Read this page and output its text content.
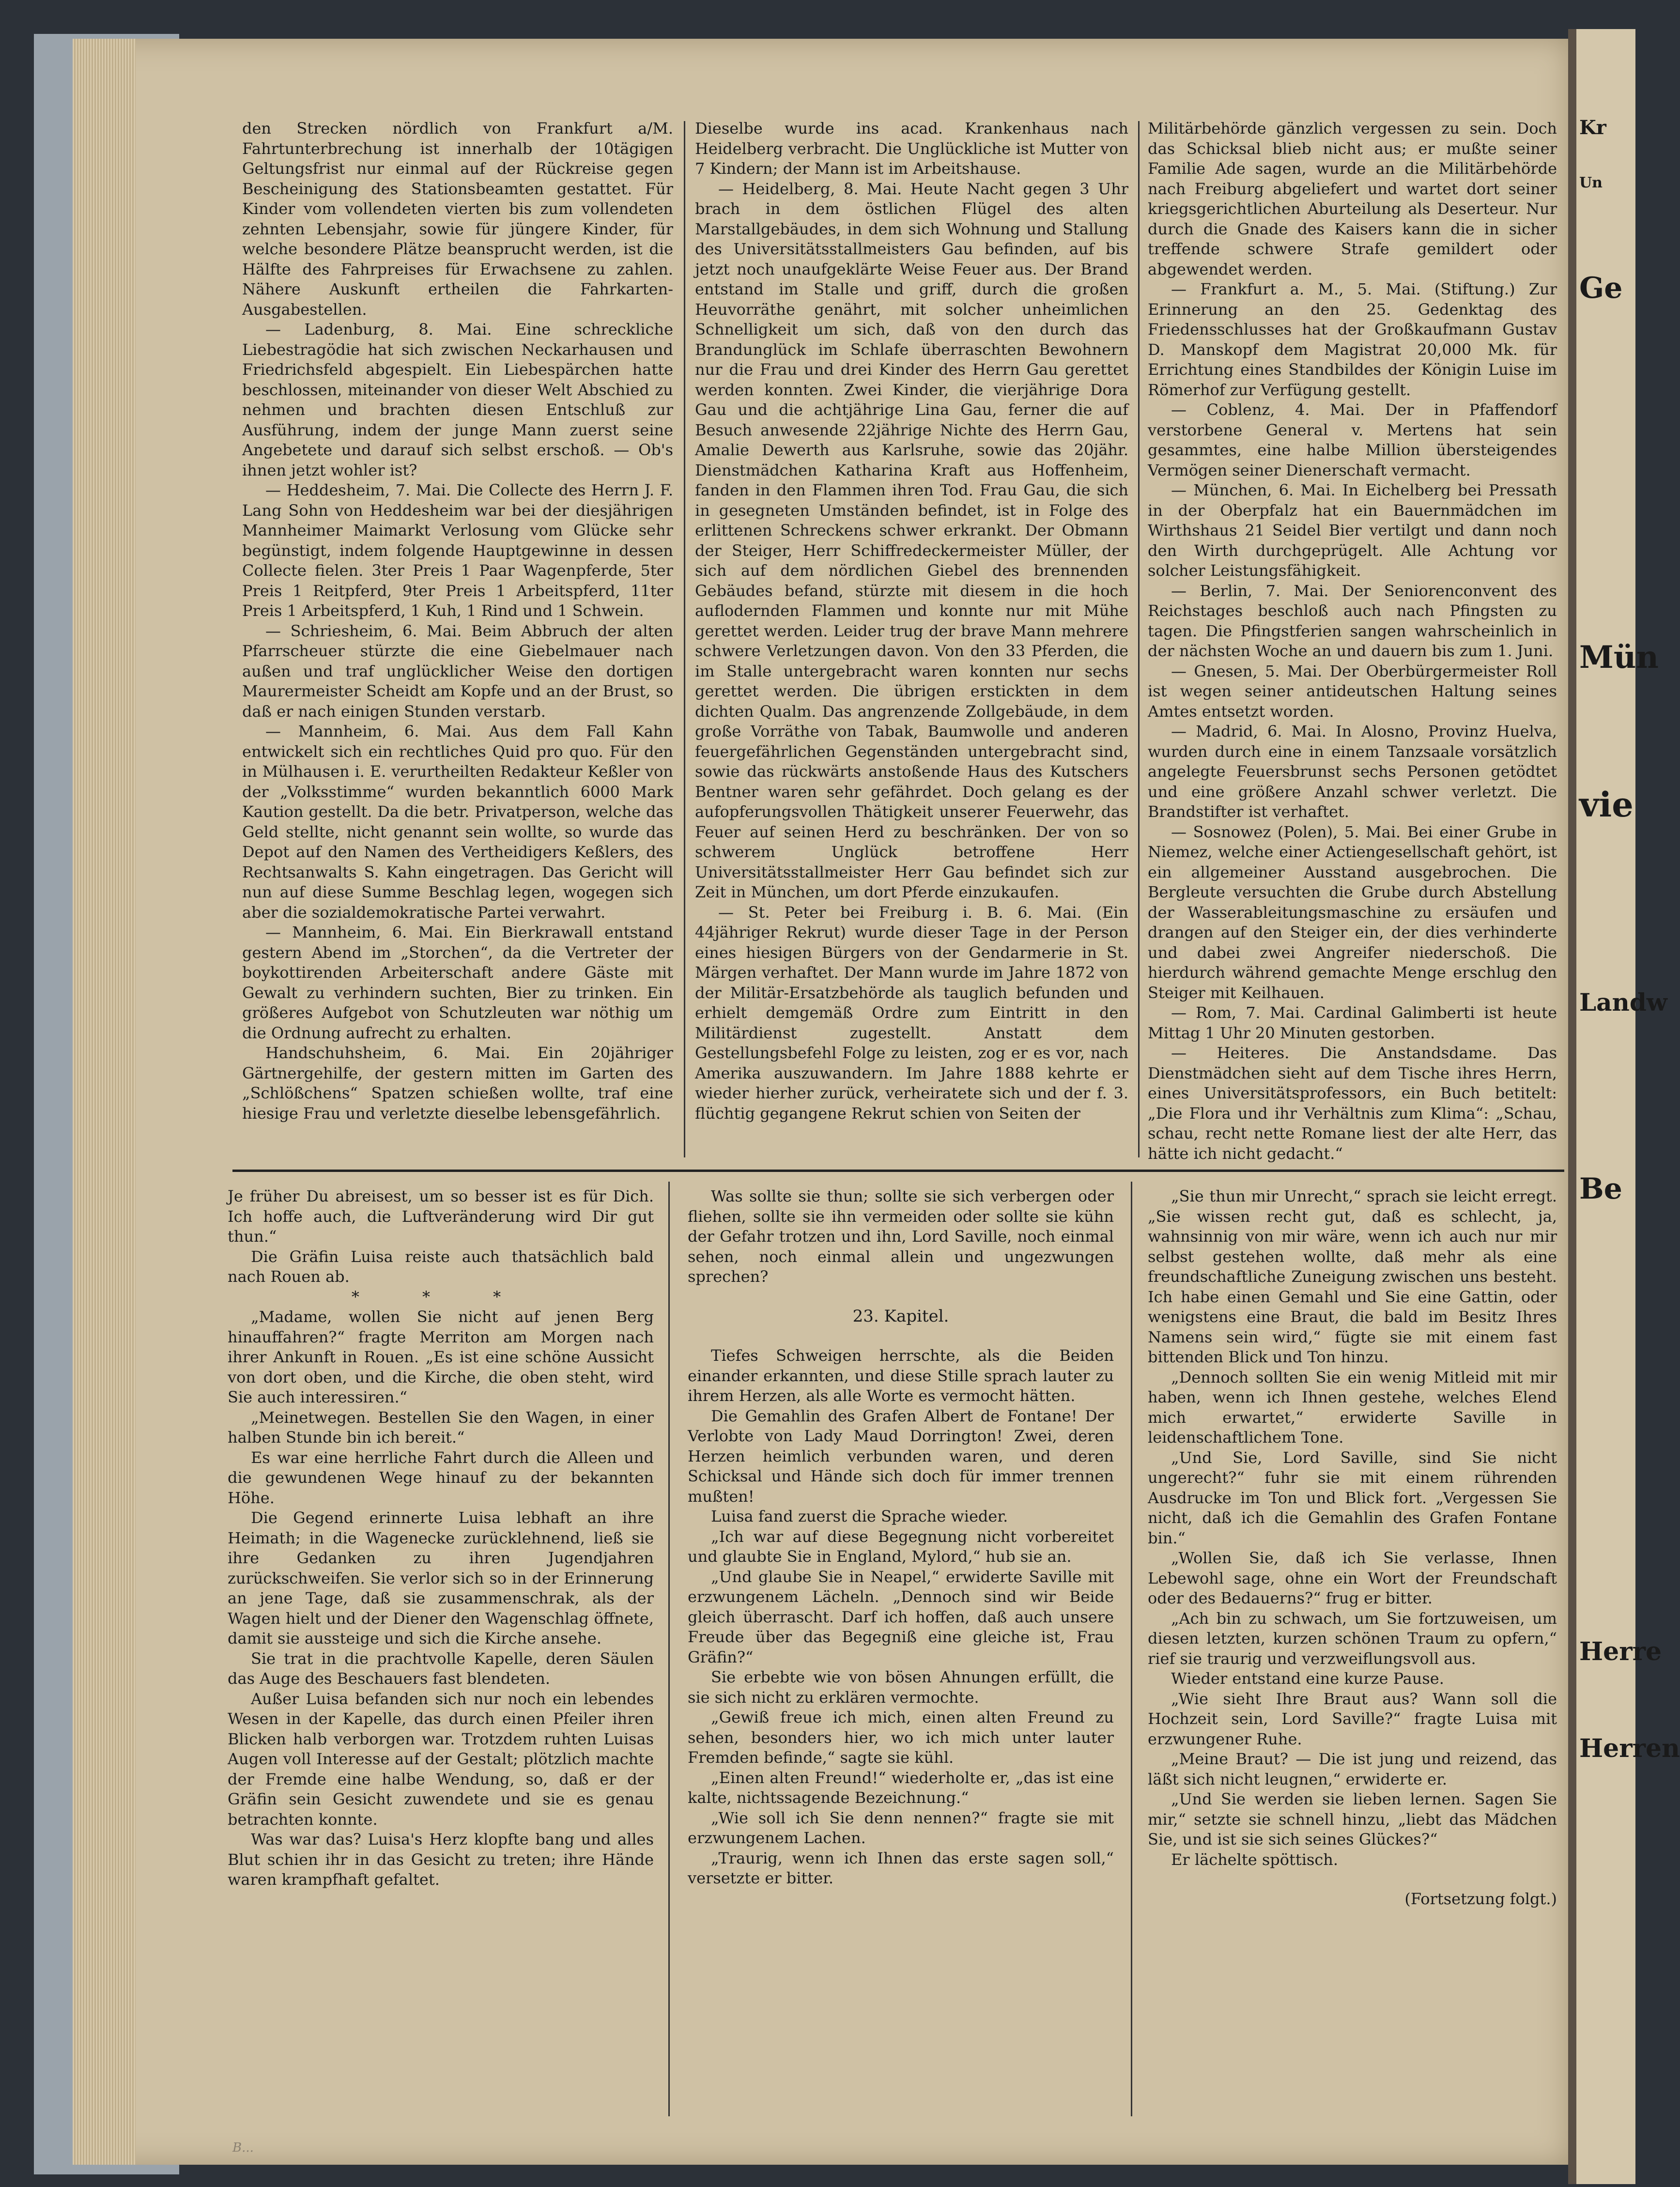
Kr
Un
Ge
Mün
vie
Landw
Be
Herre
Herren

den Strecken nördlich von Frankfurt a/M. Fahrtunterbrechung ist innerhalb der 10tägigen Geltungsfrist nur einmal auf der Rückreise gegen Bescheinigung des Stationsbeamten gestattet. Für Kinder vom vollendeten vierten bis zum vollendeten zehnten Lebensjahr, sowie für jüngere Kinder, für welche besondere Plätze beansprucht werden, ist die Hälfte des Fahrpreises für Erwachsene zu zahlen. Nähere Auskunft ertheilen die Fahrkarten-Ausgabestellen.

— Ladenburg, 8. Mai. Eine schreckliche Liebestragödie hat sich zwischen Neckarhausen und Friedrichsfeld abgespielt. Ein Liebespärchen hatte beschlossen, miteinander von dieser Welt Abschied zu nehmen und brachten diesen Entschluß zur Ausführung, indem der junge Mann zuerst seine Angebetete und darauf sich selbst erschoß. — Ob's ihnen jetzt wohler ist?

— Heddesheim, 7. Mai. Die Collecte des Herrn J. F. Lang Sohn von Heddesheim war bei der diesjährigen Mannheimer Maimarkt Verlosung vom Glücke sehr begünstigt, indem folgende Hauptgewinne in dessen Collecte fielen. 3ter Preis 1 Paar Wagenpferde, 5ter Preis 1 Reitpferd, 9ter Preis 1 Arbeitspferd, 11ter Preis 1 Arbeitspferd, 1 Kuh, 1 Rind und 1 Schwein.

— Schriesheim, 6. Mai. Beim Abbruch der alten Pfarrscheuer stürzte die eine Giebelmauer nach außen und traf unglücklicher Weise den dortigen Maurermeister Scheidt am Kopfe und an der Brust, so daß er nach einigen Stunden verstarb.

— Mannheim, 6. Mai. Aus dem Fall Kahn entwickelt sich ein rechtliches Quid pro quo. Für den in Mülhausen i. E. verurtheilten Redakteur Keßler von der „Volksstimme“ wurden bekanntlich 6000 Mark Kaution gestellt. Da die betr. Privatperson, welche das Geld stellte, nicht genannt sein wollte, so wurde das Depot auf den Namen des Vertheidigers Keßlers, des Rechtsanwalts S. Kahn eingetragen. Das Gericht will nun auf diese Summe Beschlag legen, wogegen sich aber die sozialdemokratische Partei verwahrt.

— Mannheim, 6. Mai. Ein Bierkrawall entstand gestern Abend im „Storchen“, da die Vertreter der boykottirenden Arbeiterschaft andere Gäste mit Gewalt zu verhindern suchten, Bier zu trinken. Ein größeres Aufgebot von Schutzleuten war nöthig um die Ordnung aufrecht zu erhalten.

Handschuhsheim, 6. Mai. Ein 20jähriger Gärtnergehilfe, der gestern mitten im Garten des „Schlößchens“ Spatzen schießen wollte, traf eine hiesige Frau und verletzte dieselbe lebensgefährlich.

Dieselbe wurde ins acad. Krankenhaus nach Heidelberg verbracht. Die Unglückliche ist Mutter von 7 Kindern; der Mann ist im Arbeitshause.

— Heidelberg, 8. Mai. Heute Nacht gegen 3 Uhr brach in dem östlichen Flügel des alten Marstallgebäudes, in dem sich Wohnung und Stallung des Universitätsstallmeisters Gau befinden, auf bis jetzt noch unaufgeklärte Weise Feuer aus. Der Brand entstand im Stalle und griff, durch die großen Heuvorräthe genährt, mit solcher unheimlichen Schnelligkeit um sich, daß von den durch das Brandunglück im Schlafe überraschten Bewohnern nur die Frau und drei Kinder des Herrn Gau gerettet werden konnten. Zwei Kinder, die vierjährige Dora Gau und die achtjährige Lina Gau, ferner die auf Besuch anwesende 22jährige Nichte des Herrn Gau, Amalie Dewerth aus Karlsruhe, sowie das 20jähr. Dienstmädchen Katharina Kraft aus Hoffenheim, fanden in den Flammen ihren Tod. Frau Gau, die sich in gesegneten Umständen befindet, ist in Folge des erlittenen Schreckens schwer erkrankt. Der Obmann der Steiger, Herr Schiffredeckermeister Müller, der sich auf dem nördlichen Giebel des brennenden Gebäudes befand, stürzte mit diesem in die hoch auflodernden Flammen und konnte nur mit Mühe gerettet werden. Leider trug der brave Mann mehrere schwere Verletzungen davon. Von den 33 Pferden, die im Stalle untergebracht waren konnten nur sechs gerettet werden. Die übrigen erstickten in dem dichten Qualm. Das angrenzende Zollgebäude, in dem große Vorräthe von Tabak, Baumwolle und anderen feuergefährlichen Gegenständen untergebracht sind, sowie das rückwärts anstoßende Haus des Kutschers Bentner waren sehr gefährdet. Doch gelang es der aufopferungsvollen Thätigkeit unserer Feuerwehr, das Feuer auf seinen Herd zu beschränken. Der von so schwerem Unglück betroffene Herr Universitätsstallmeister Herr Gau befindet sich zur Zeit in München, um dort Pferde einzukaufen.

— St. Peter bei Freiburg i. B. 6. Mai. (Ein 44jähriger Rekrut) wurde dieser Tage in der Person eines hiesigen Bürgers von der Gendarmerie in St. Märgen verhaftet. Der Mann wurde im Jahre 1872 von der Militär-Ersatzbehörde als tauglich befunden und erhielt demgemäß Ordre zum Eintritt in den Militärdienst zugestellt. Anstatt dem Gestellungsbefehl Folge zu leisten, zog er es vor, nach Amerika auszuwandern. Im Jahre 1888 kehrte er wieder hierher zurück, verheiratete sich und der f. 3. flüchtig gegangene Rekrut schien von Seiten der

Militärbehörde gänzlich vergessen zu sein. Doch das Schicksal blieb nicht aus; er mußte seiner Familie Ade sagen, wurde an die Militärbehörde nach Freiburg abgeliefert und wartet dort seiner kriegsgerichtlichen Aburteilung als Deserteur. Nur durch die Gnade des Kaisers kann die in sicher treffende schwere Strafe gemildert oder abgewendet werden.

— Frankfurt a. M., 5. Mai. (Stiftung.) Zur Erinnerung an den 25. Gedenktag des Friedensschlusses hat der Großkaufmann Gustav D. Manskopf dem Magistrat 20,000 Mk. für Errichtung eines Standbildes der Königin Luise im Römerhof zur Verfügung gestellt.

— Coblenz, 4. Mai. Der in Pfaffendorf verstorbene General v. Mertens hat sein gesammtes, eine halbe Million übersteigendes Vermögen seiner Dienerschaft vermacht.

— München, 6. Mai. In Eichelberg bei Pressath in der Oberpfalz hat ein Bauernmädchen im Wirthshaus 21 Seidel Bier vertilgt und dann noch den Wirth durchgeprügelt. Alle Achtung vor solcher Leistungsfähigkeit.

— Berlin, 7. Mai. Der Seniorenconvent des Reichstages beschloß auch nach Pfingsten zu tagen. Die Pfingstferien sangen wahrscheinlich in der nächsten Woche an und dauern bis zum 1. Juni.

— Gnesen, 5. Mai. Der Oberbürgermeister Roll ist wegen seiner antideutschen Haltung seines Amtes entsetzt worden.

— Madrid, 6. Mai. In Alosno, Provinz Huelva, wurden durch eine in einem Tanzsaale vorsätzlich angelegte Feuersbrunst sechs Personen getödtet und eine größere Anzahl schwer verletzt. Die Brandstifter ist verhaftet.

— Sosnowez (Polen), 5. Mai. Bei einer Grube in Niemez, welche einer Actiengesellschaft gehört, ist ein allgemeiner Ausstand ausgebrochen. Die Bergleute versuchten die Grube durch Abstellung der Wasserableitungsmaschine zu ersäufen und drangen auf den Steiger ein, der dies verhinderte und dabei zwei Angreifer niederschoß. Die hierdurch während gemachte Menge erschlug den Steiger mit Keilhauen.

— Rom, 7. Mai. Cardinal Galimberti ist heute Mittag 1 Uhr 20 Minuten gestorben.

— Heiteres. Die Anstandsdame. Das Dienstmädchen sieht auf dem Tische ihres Herrn, eines Universitätsprofessors, ein Buch betitelt: „Die Flora und ihr Verhältnis zum Klima“: „Schau, schau, recht nette Romane liest der alte Herr, das hätte ich nicht gedacht.“

Je früher Du abreisest, um so besser ist es für Dich. Ich hoffe auch, die Luftveränderung wird Dir gut thun.“

Die Gräfin Luisa reiste auch thatsächlich bald nach Rouen ab.

* * *

„Madame, wollen Sie nicht auf jenen Berg hinauffahren?“ fragte Merriton am Morgen nach ihrer Ankunft in Rouen. „Es ist eine schöne Aussicht von dort oben, und die Kirche, die oben steht, wird Sie auch interessiren.“

„Meinetwegen. Bestellen Sie den Wagen, in einer halben Stunde bin ich bereit.“

Es war eine herrliche Fahrt durch die Alleen und die gewundenen Wege hinauf zu der bekannten Höhe.

Die Gegend erinnerte Luisa lebhaft an ihre Heimath; in die Wagenecke zurücklehnend, ließ sie ihre Gedanken zu ihren Jugendjahren zurückschweifen. Sie verlor sich so in der Erinnerung an jene Tage, daß sie zusammenschrak, als der Wagen hielt und der Diener den Wagenschlag öffnete, damit sie aussteige und sich die Kirche ansehe.

Sie trat in die prachtvolle Kapelle, deren Säulen das Auge des Beschauers fast blendeten.

Außer Luisa befanden sich nur noch ein lebendes Wesen in der Kapelle, das durch einen Pfeiler ihren Blicken halb verborgen war. Trotzdem ruhten Luisas Augen voll Interesse auf der Gestalt; plötzlich machte der Fremde eine halbe Wendung, so, daß er der Gräfin sein Gesicht zuwendete und sie es genau betrachten konnte.

Was war das? Luisa's Herz klopfte bang und alles Blut schien ihr in das Gesicht zu treten; ihre Hände waren krampfhaft gefaltet.

Was sollte sie thun; sollte sie sich verbergen oder fliehen, sollte sie ihn vermeiden oder sollte sie kühn der Gefahr trotzen und ihn, Lord Saville, noch einmal sehen, noch einmal allein und ungezwungen sprechen?

23. Kapitel.

Tiefes Schweigen herrschte, als die Beiden einander erkannten, und diese Stille sprach lauter zu ihrem Herzen, als alle Worte es vermocht hätten.

Die Gemahlin des Grafen Albert de Fontane! Der Verlobte von Lady Maud Dorrington! Zwei, deren Herzen heimlich verbunden waren, und deren Schicksal und Hände sich doch für immer trennen mußten!

Luisa fand zuerst die Sprache wieder.

„Ich war auf diese Begegnung nicht vorbereitet und glaubte Sie in England, Mylord,“ hub sie an.

„Und glaube Sie in Neapel,“ erwiderte Saville mit erzwungenem Lächeln. „Dennoch sind wir Beide gleich überrascht. Darf ich hoffen, daß auch unsere Freude über das Begegniß eine gleiche ist, Frau Gräfin?“

Sie erbebte wie von bösen Ahnungen erfüllt, die sie sich nicht zu erklären vermochte.

„Gewiß freue ich mich, einen alten Freund zu sehen, besonders hier, wo ich mich unter lauter Fremden befinde,“ sagte sie kühl.

„Einen alten Freund!“ wiederholte er, „das ist eine kalte, nichtssagende Bezeichnung.“

„Wie soll ich Sie denn nennen?“ fragte sie mit erzwungenem Lachen.

„Traurig, wenn ich Ihnen das erste sagen soll,“ versetzte er bitter.

„Sie thun mir Unrecht,“ sprach sie leicht erregt. „Sie wissen recht gut, daß es schlecht, ja, wahnsinnig von mir wäre, wenn ich auch nur mir selbst gestehen wollte, daß mehr als eine freundschaftliche Zuneigung zwischen uns besteht. Ich habe einen Gemahl und Sie eine Gattin, oder wenigstens eine Braut, die bald im Besitz Ihres Namens sein wird,“ fügte sie mit einem fast bittenden Blick und Ton hinzu.

„Dennoch sollten Sie ein wenig Mitleid mit mir haben, wenn ich Ihnen gestehe, welches Elend mich erwartet,“ erwiderte Saville in leidenschaftlichem Tone.

„Und Sie, Lord Saville, sind Sie nicht ungerecht?“ fuhr sie mit einem rührenden Ausdrucke im Ton und Blick fort. „Vergessen Sie nicht, daß ich die Gemahlin des Grafen Fontane bin.“

„Wollen Sie, daß ich Sie verlasse, Ihnen Lebewohl sage, ohne ein Wort der Freundschaft oder des Bedauerns?“ frug er bitter.

„Ach bin zu schwach, um Sie fortzuweisen, um diesen letzten, kurzen schönen Traum zu opfern,“ rief sie traurig und verzweiflungsvoll aus.

Wieder entstand eine kurze Pause.

„Wie sieht Ihre Braut aus? Wann soll die Hochzeit sein, Lord Saville?“ fragte Luisa mit erzwungener Ruhe.

„Meine Braut? — Die ist jung und reizend, das läßt sich nicht leugnen,“ erwiderte er.

„Und Sie werden sie lieben lernen. Sagen Sie mir,“ setzte sie schnell hinzu, „liebt das Mädchen Sie, und ist sie sich seines Glückes?“

Er lächelte spöttisch.

(Fortsetzung folgt.)

B...
